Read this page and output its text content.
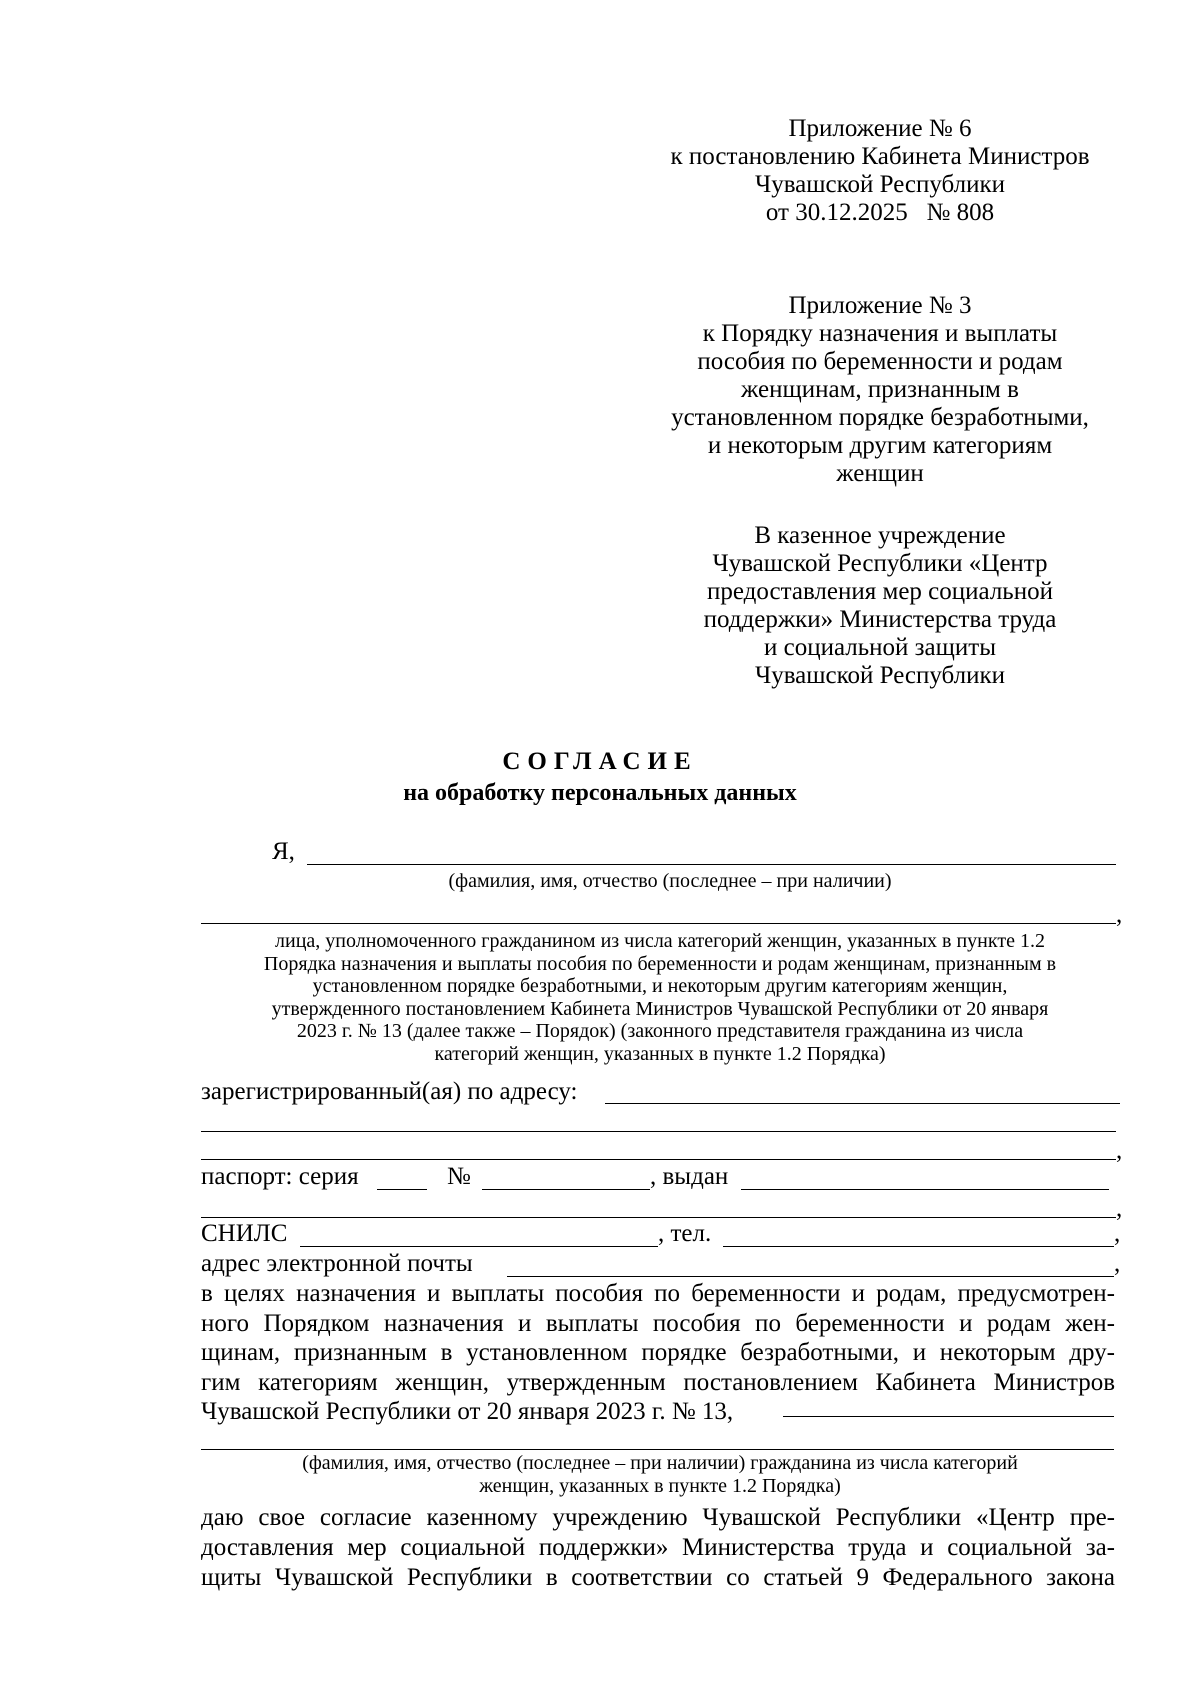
Приложение № 6
к постановлению Кабинета Министров
Чувашской Республики
от 30.12.2025   № 808
Приложение № 3
к Порядку назначения и выплаты
пособия по беременности и родам
женщинам, признанным в
установленном порядке безработными,
и некоторым другим категориям
женщин
В казенное учреждение
Чувашской Республики «Центр
предоставления мер социальной
поддержки» Министерства труда
и социальной защиты
Чувашской Республики
СОГЛАСИЕ
на обработку персональных данных
Я,
(фамилия, имя, отчество (последнее – при наличии)
,
лица, уполномоченного гражданином из числа категорий женщин, указанных в пункте 1.2
Порядка назначения и выплаты пособия по беременности и родам женщинам, признанным в
установленном порядке безработными, и некоторым другим категориям женщин,
утвержденного постановлением Кабинета Министров Чувашской Республики от 20 января
2023 г. № 13 (далее также – Порядок) (законного представителя гражданина из числа
категорий женщин, указанных в пункте 1.2 Порядка)
зарегистрированный(ая) по адресу:
,
паспорт: серия	№	, выдан
,
СНИЛС	, тел.	,
адрес электронной почты	,
в целях назначения и выплаты пособия по беременности и родам, предусмотрен-
ного Порядком назначения и выплаты пособия по беременности и родам жен-
щинам, признанным в установленном порядке безработными, и некоторым дру-
гим категориям женщин, утвержденным постановлением Кабинета Министров
Чувашской Республики от 20 января 2023 г. № 13,
(фамилия, имя, отчество (последнее – при наличии) гражданина из числа категорий
женщин, указанных в пункте 1.2 Порядка)
даю свое согласие казенному учреждению Чувашской Республики «Центр пре-
доставления мер социальной поддержки» Министерства труда и социальной за-
щиты Чувашской Республики в соответствии со статьей 9 Федерального закона
